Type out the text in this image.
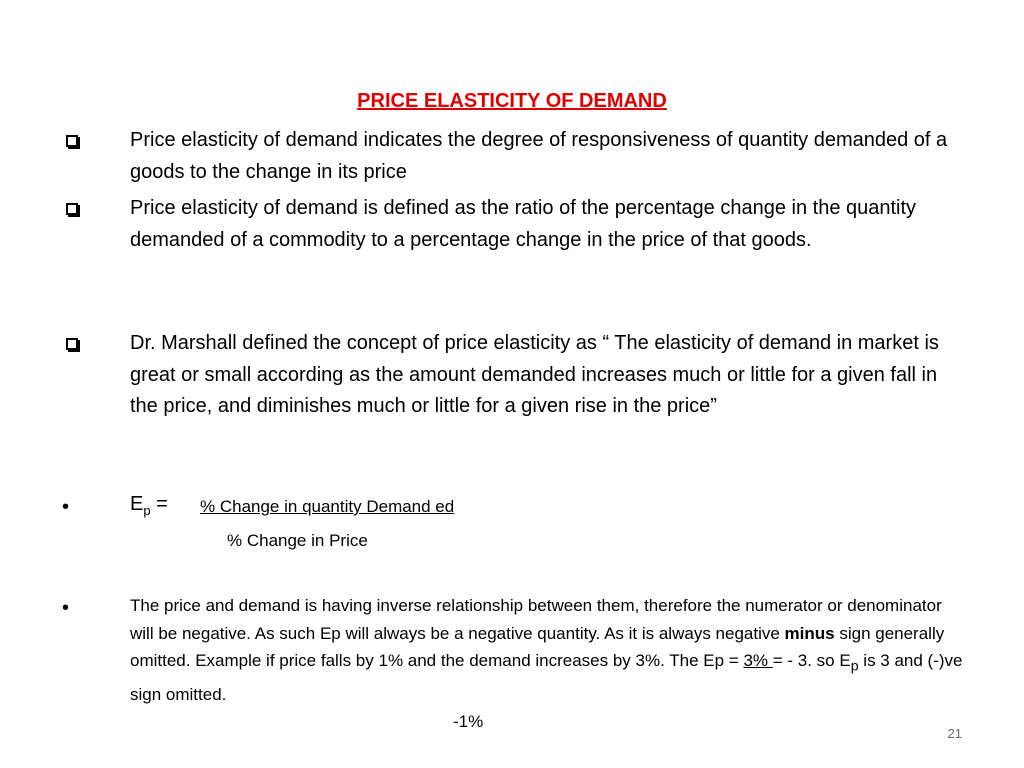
PRICE ELASTICITY OF DEMAND
Price elasticity of demand indicates the degree of responsiveness of quantity demanded of a goods to the change in its price
Price elasticity of demand is defined as the ratio of the percentage change in the quantity demanded of a commodity to a percentage change in the price of that goods.
Dr. Marshall defined the concept of price elasticity as “ The elasticity of demand in market is great or small according as the amount demanded increases much or little for a given fall in the price, and diminishes much or little for a given rise in the price”
•	$E_p$ = % Change in quantity Demand ed
% Change in Price
•	The price and demand is having inverse relationship between them, therefore the numerator or denominator will be negative. As such Ep will always be a negative quantity. As it is always negative minus sign generally omitted. Example if price falls by 1% and the demand increases by 3%. The Ep = 3% = - 3. so $E_p$ is 3 and (-)ve sign omitted.
-1%
21
